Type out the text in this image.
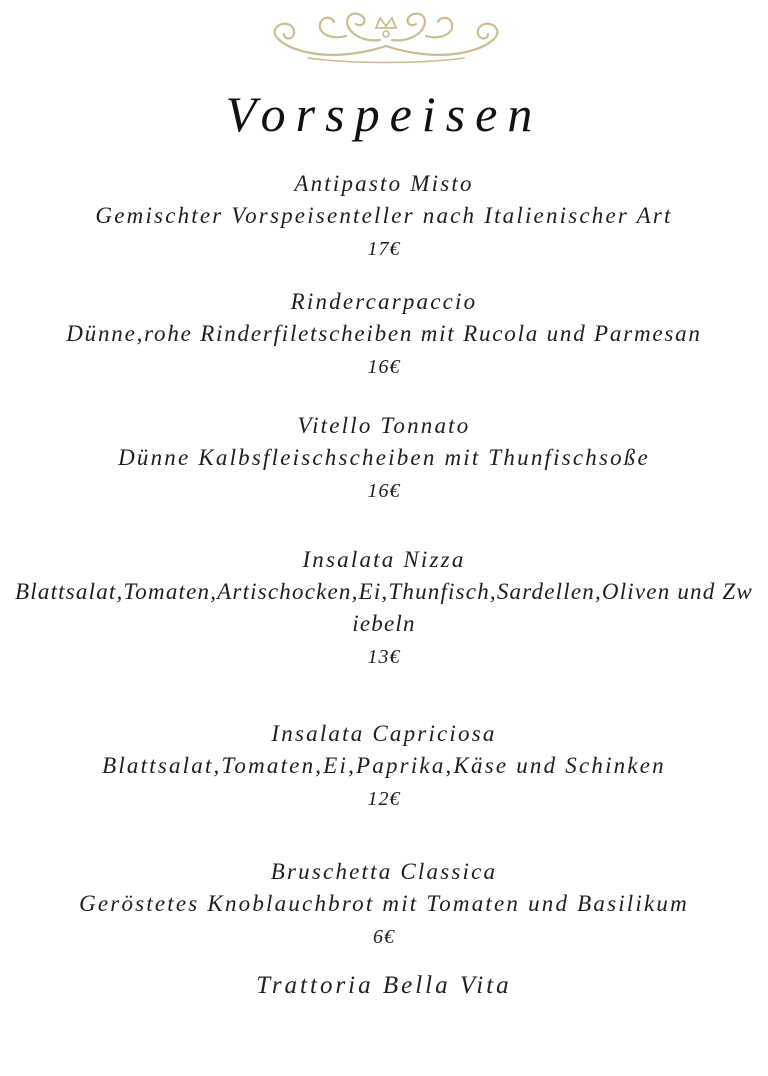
Vorspeisen
Antipasto Misto
Gemischter Vorspeisenteller nach Italienischer Art
17€
Rindercarpaccio
Dünne,rohe Rinderfiletscheiben mit Rucola und Parmesan
16€
Vitello Tonnato
Dünne Kalbsfleischscheiben mit Thunfischsoße
16€
Insalata Nizza
Blattsalat,Tomaten,Artischocken,Ei,Thunfisch,Sardellen,Oliven und Zwiebeln
13€
Insalata Capriciosa
Blattsalat,Tomaten,Ei,Paprika,Käse und Schinken
12€
Bruschetta Classica
Geröstetes Knoblauchbrot mit Tomaten und Basilikum
6€
Trattoria Bella Vita
